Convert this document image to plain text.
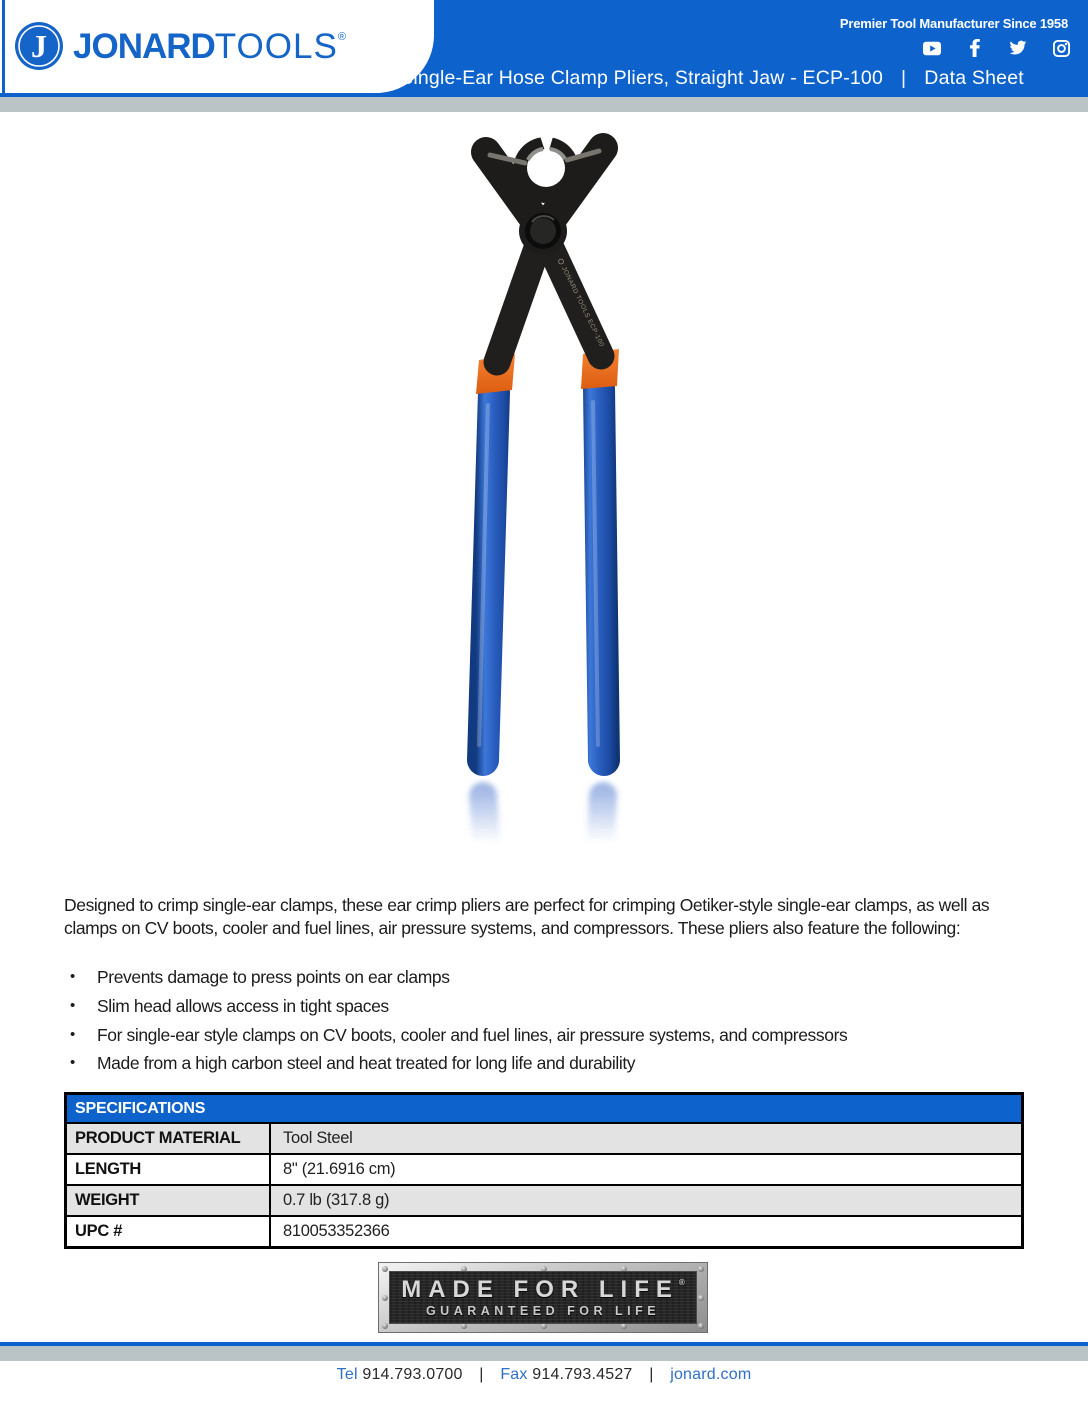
J JONARDTOOLS®
Premier Tool Manufacturer Since 1958
Single-Ear Hose Clamp Pliers, Straight Jaw - ECP-100 | Data Sheet
JONARD TOOLS ECP-100

Designed to crimp single-ear clamps, these ear crimp pliers are perfect for crimping Oetiker-style single-ear clamps, as well as clamps on CV boots, cooler and fuel lines, air pressure systems, and compressors. These pliers also feature the following:

• Prevents damage to press points on ear clamps
• Slim head allows access in tight spaces
• For single-ear style clamps on CV boots, cooler and fuel lines, air pressure systems, and compressors
• Made from a high carbon steel and heat treated for long life and durability
SPECIFICATIONS	
PRODUCT MATERIAL	Tool Steel
LENGTH	8" (21.6916 cm)
WEIGHT	0.7 lb (317.8 g)
UPC #	810053352366
MADE FOR LIFE®
GUARANTEED FOR LIFE
Tel 914.793.0700 | Fax 914.793.4527 | jonard.com
